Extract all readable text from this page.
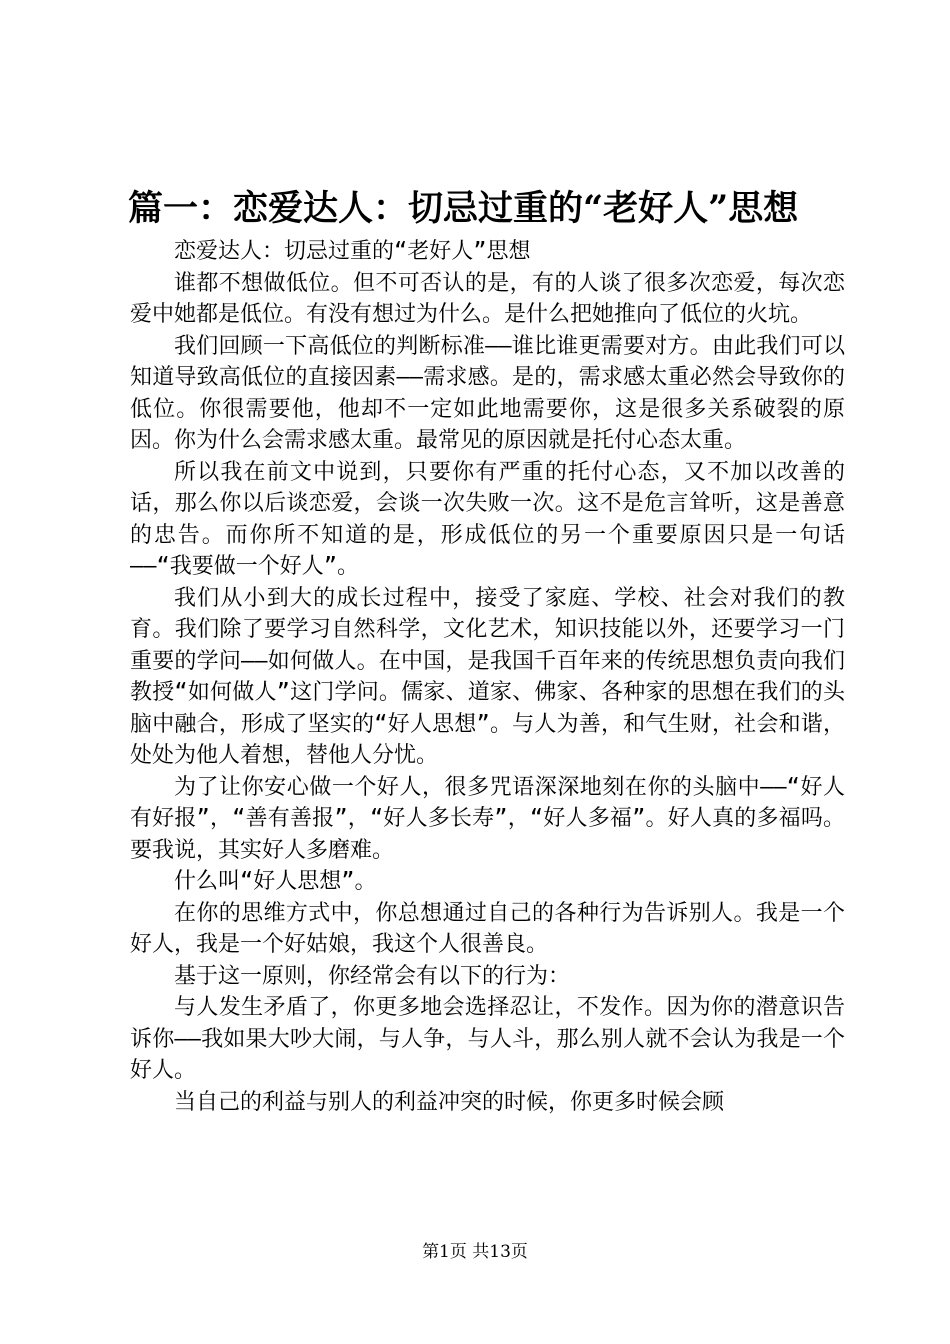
篇一：恋爱达人：切忌过重的“老好人”思想

恋爱达人：切忌过重的“老好人”思想

谁都不想做低位。但不可否认的是，有的人谈了很多次恋爱，每次恋爱中她都是低位。有没有想过为什么。是什么把她推向了低位的火坑。

我们回顾一下高低位的判断标准——谁比谁更需要对方。由此我们可以知道导致高低位的直接因素——需求感。是的，需求感太重必然会导致你的低位。你很需要他，他却不一定如此地需要你，这是很多关系破裂的原因。你为什么会需求感太重。最常见的原因就是托付心态太重。

所以我在前文中说到，只要你有严重的托付心态，又不加以改善的话，那么你以后谈恋爱，会谈一次失败一次。这不是危言耸听，这是善意的忠告。而你所不知道的是，形成低位的另一个重要原因只是一句话——“我要做一个好人”。

我们从小到大的成长过程中，接受了家庭、学校、社会对我们的教育。我们除了要学习自然科学，文化艺术，知识技能以外，还要学习一门重要的学问——如何做人。在中国，是我国千百年来的传统思想负责向我们教授“如何做人”这门学问。儒家、道家、佛家、各种家的思想在我们的头脑中融合，形成了坚实的“好人思想”。与人为善，和气生财，社会和谐，处处为他人着想，替他人分忧。

为了让你安心做一个好人，很多咒语深深地刻在你的头脑中——“好人有好报”，“善有善报”，“好人多长寿”，“好人多福”。好人真的多福吗。要我说，其实好人多磨难。

什么叫“好人思想”。

在你的思维方式中，你总想通过自己的各种行为告诉别人。我是一个好人，我是一个好姑娘，我这个人很善良。

基于这一原则，你经常会有以下的行为：

与人发生矛盾了，你更多地会选择忍让，不发作。因为你的潜意识告诉你——我如果大吵大闹，与人争，与人斗，那么别人就不会认为我是一个好人。

当自己的利益与别人的利益冲突的时候，你更多时候会顾

第1页 共13页
